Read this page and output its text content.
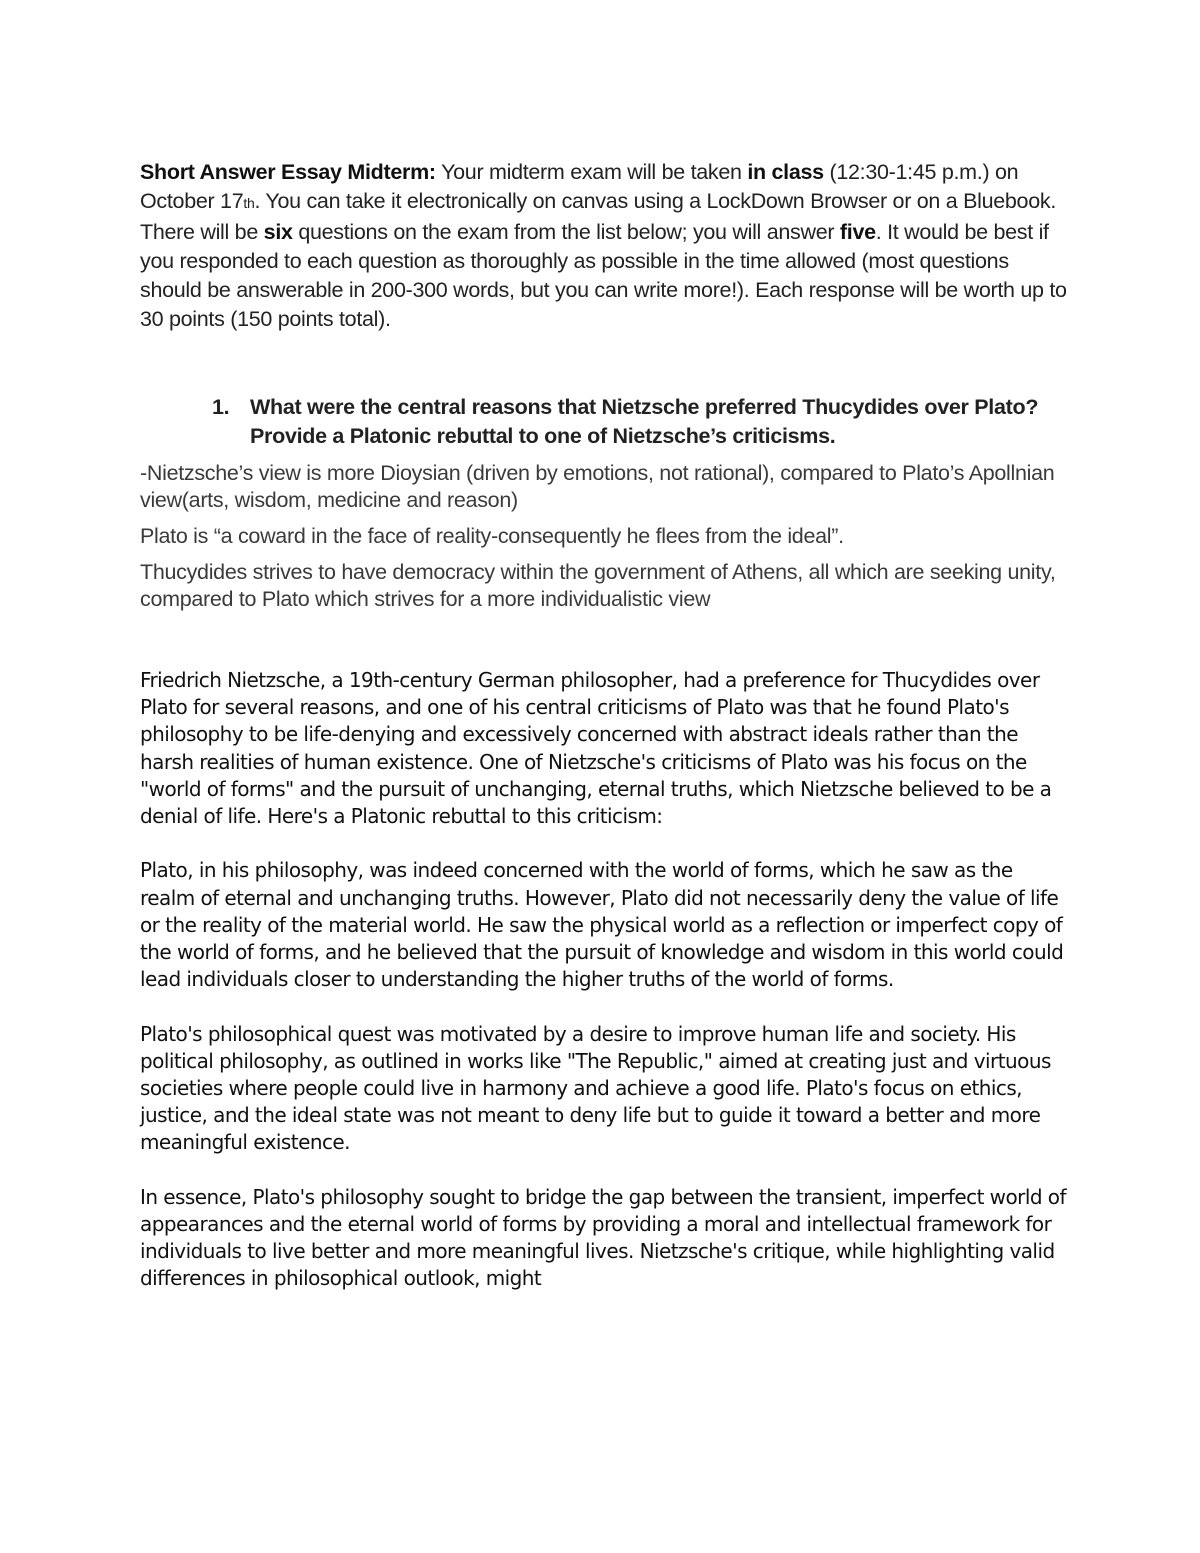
Short Answer Essay Midterm: Your midterm exam will be taken in class (12:30-1:45 p.m.) on October 17th. You can take it electronically on canvas using a LockDown Browser or on a Bluebook. There will be six questions on the exam from the list below; you will answer five. It would be best if you responded to each question as thoroughly as possible in the time allowed (most questions should be answerable in 200-300 words, but you can write more!). Each response will be worth up to 30 points (150 points total).
1. What were the central reasons that Nietzsche preferred Thucydides over Plato? Provide a Platonic rebuttal to one of Nietzsche’s criticisms.

-Nietzsche’s view is more Dioysian (driven by emotions, not rational), compared to Plato’s Apollnian view(arts, wisdom, medicine and reason)

Plato is “a coward in the face of reality-consequently he flees from the ideal”.

Thucydides strives to have democracy within the government of Athens, all which are seeking unity, compared to Plato which strives for a more individualistic view

Friedrich Nietzsche, a 19th-century German philosopher, had a preference for Thucydides over Plato for several reasons, and one of his central criticisms of Plato was that he found Plato's philosophy to be life-denying and excessively concerned with abstract ideals rather than the harsh realities of human existence. One of Nietzsche's criticisms of Plato was his focus on the "world of forms" and the pursuit of unchanging, eternal truths, which Nietzsche believed to be a denial of life. Here's a Platonic rebuttal to this criticism:

Plato, in his philosophy, was indeed concerned with the world of forms, which he saw as the realm of eternal and unchanging truths. However, Plato did not necessarily deny the value of life or the reality of the material world. He saw the physical world as a reflection or imperfect copy of the world of forms, and he believed that the pursuit of knowledge and wisdom in this world could lead individuals closer to understanding the higher truths of the world of forms.

Plato's philosophical quest was motivated by a desire to improve human life and society. His political philosophy, as outlined in works like "The Republic," aimed at creating just and virtuous societies where people could live in harmony and achieve a good life. Plato's focus on ethics, justice, and the ideal state was not meant to deny life but to guide it toward a better and more meaningful existence.

In essence, Plato's philosophy sought to bridge the gap between the transient, imperfect world of appearances and the eternal world of forms by providing a moral and intellectual framework for individuals to live better and more meaningful lives. Nietzsche's critique, while highlighting valid differences in philosophical outlook, might
